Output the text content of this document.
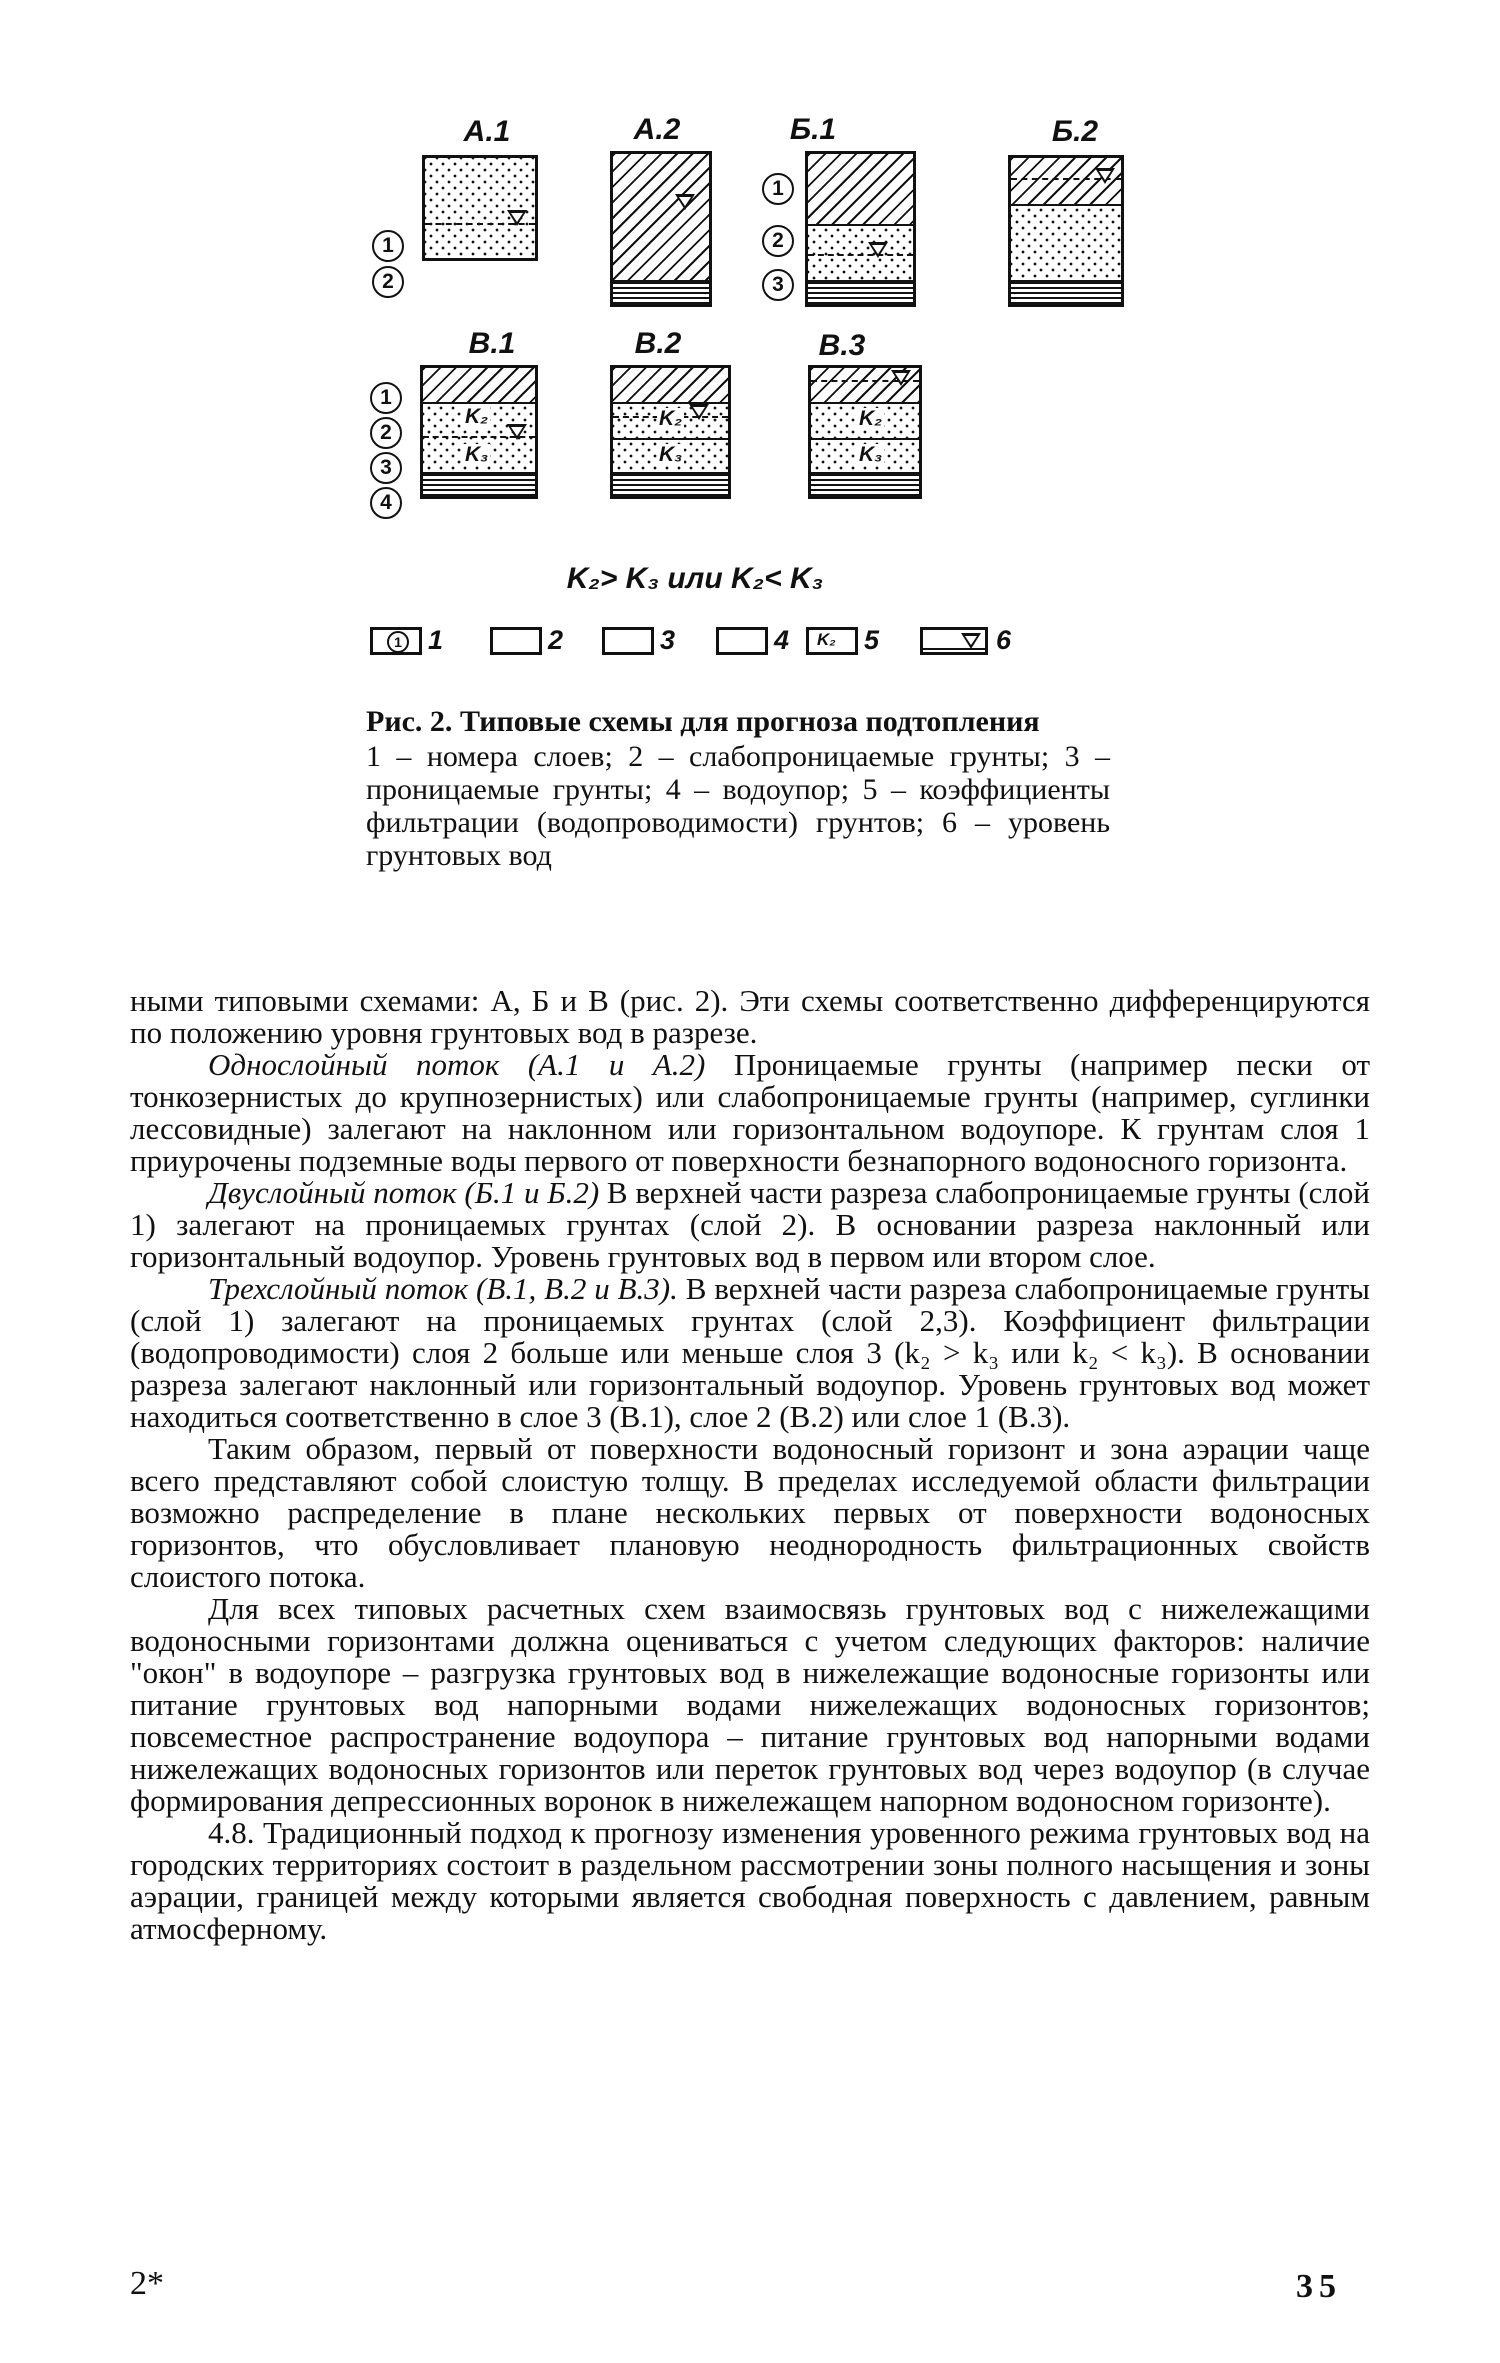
A.1
1
2
A.2	Б.1
1
2
3
Б.2
В.1
1
2
3
4
K₂
K₃
В.2
K₂
K₃
В.3
K₂
K₃
K₂> K₃ или K₂< K₃
1 1	2	3	4 K₂ 5	6

Рис. 2. Типовые схемы для прогноза подтопления

1 – номера слоев; 2 – слабопроницаемые грунты; 3 – проницаемые грунты; 4 – водоупор; 5 – коэффициенты фильтрации (водопроводимости) грунтов; 6 – уровень грунтовых вод

ными типовыми схемами: А, Б и В (рис. 2). Эти схемы соответственно дифференцируются по положению уровня грунтовых вод в разрезе.

Однослойный поток (А.1 и А.2) Проницаемые грунты (например пески от тонкозернистых до крупнозернистых) или слабопроницаемые грунты (например, суглинки лессовидные) залегают на наклонном или горизонтальном водоупоре. К грунтам слоя 1 приурочены подземные воды первого от поверхности безнапорного водоносного горизонта.

Двуслойный поток (Б.1 и Б.2) В верхней части разреза слабопроницаемые грунты (слой 1) залегают на проницаемых грунтах (слой 2). В основании разреза наклонный или горизонтальный водоупор. Уровень грунтовых вод в первом или втором слое.

Трехслойный поток (В.1, В.2 и В.3). В верхней части разреза слабопроницаемые грунты (слой 1) залегают на проницаемых грунтах (слой 2,3). Коэффициент фильтрации (водопроводимости) слоя 2 больше или меньше слоя 3 (k₂ > k₃ или k₂ < k₃). В основании разреза залегают наклонный или горизонтальный водоупор. Уровень грунтовых вод может находиться соответственно в слое 3 (В.1), слое 2 (В.2) или слое 1 (В.3).

Таким образом, первый от поверхности водоносный горизонт и зона аэрации чаще всего представляют собой слоистую толщу. В пределах исследуемой области фильтрации возможно распределение в плане нескольких первых от поверхности водоносных горизонтов, что обусловливает плановую неоднородность фильтрационных свойств слоистого потока.

Для всех типовых расчетных схем взаимосвязь грунтовых вод с нижележащими водоносными горизонтами должна оцениваться с учетом следующих факторов: наличие "окон" в водоупоре – разгрузка грунтовых вод в нижележащие водоносные горизонты или питание грунтовых вод напорными водами нижележащих водоносных горизонтов; повсеместное распространение водоупора – питание грунтовых вод напорными водами нижележащих водоносных горизонтов или переток грунтовых вод через водоупор (в случае формирования депрессионных воронок в нижележащем напорном водоносном горизонте).

4.8. Традиционный подход к прогнозу изменения уровенного режима грунтовых вод на городских территориях состоит в раздельном рассмотрении зоны полного насыщения и зоны аэрации, границей между которыми является свободная поверхность с давлением, равным атмосферному.

2*	35
